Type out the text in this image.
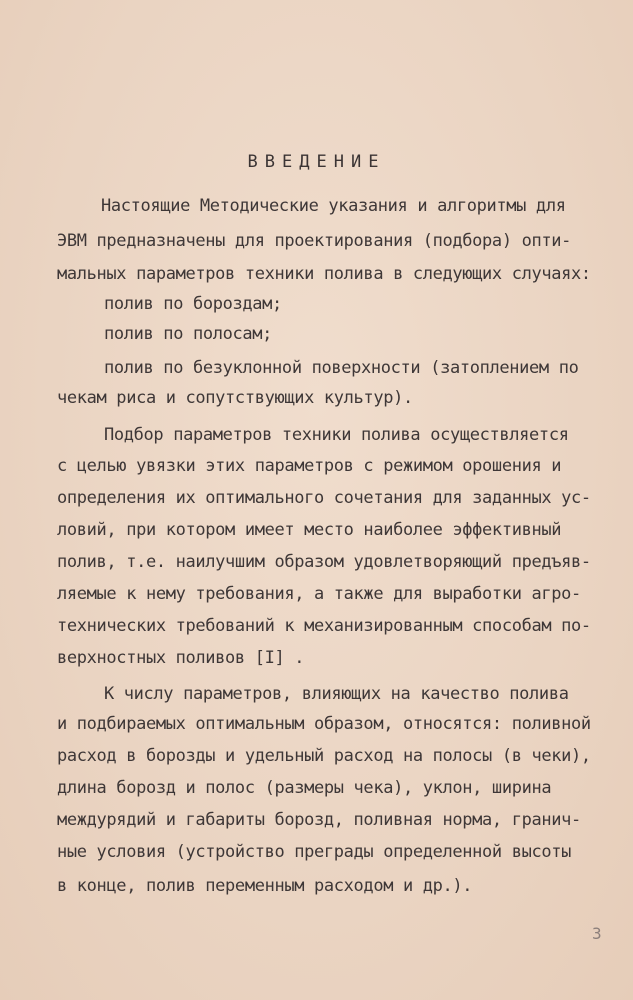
ВВЕДЕНИЕ
Настоящие Методические указания и алгоритмы для
ЭВМ предназначены для проектирования (подбора) опти-
мальных параметров техники полива в следующих случаях:
полив по бороздам;
полив по полосам;
полив по безуклонной поверхности (затоплением по
чекам риса и сопутствующих культур).
Подбор параметров техники полива осуществляется
с целью увязки этих параметров с режимом орошения и
определения их оптимального сочетания для заданных ус-
ловий, при котором имеет место наиболее эффективный
полив, т.е. наилучшим образом удовлетворяющий предъяв-
ляемые к нему требования, а также для выработки агро-
технических требований к механизированным способам по-
верхностных поливов [I] .
К числу параметров, влияющих на качество полива
и подбираемых оптимальным образом, относятся: поливной
расход в борозды и удельный расход на полосы (в чеки),
длина борозд и полос (размеры чека), уклон, ширина
междурядий и габариты борозд, поливная норма, гранич-
ные условия (устройство преграды определенной высоты
в конце, полив переменным расходом и др.).
3
